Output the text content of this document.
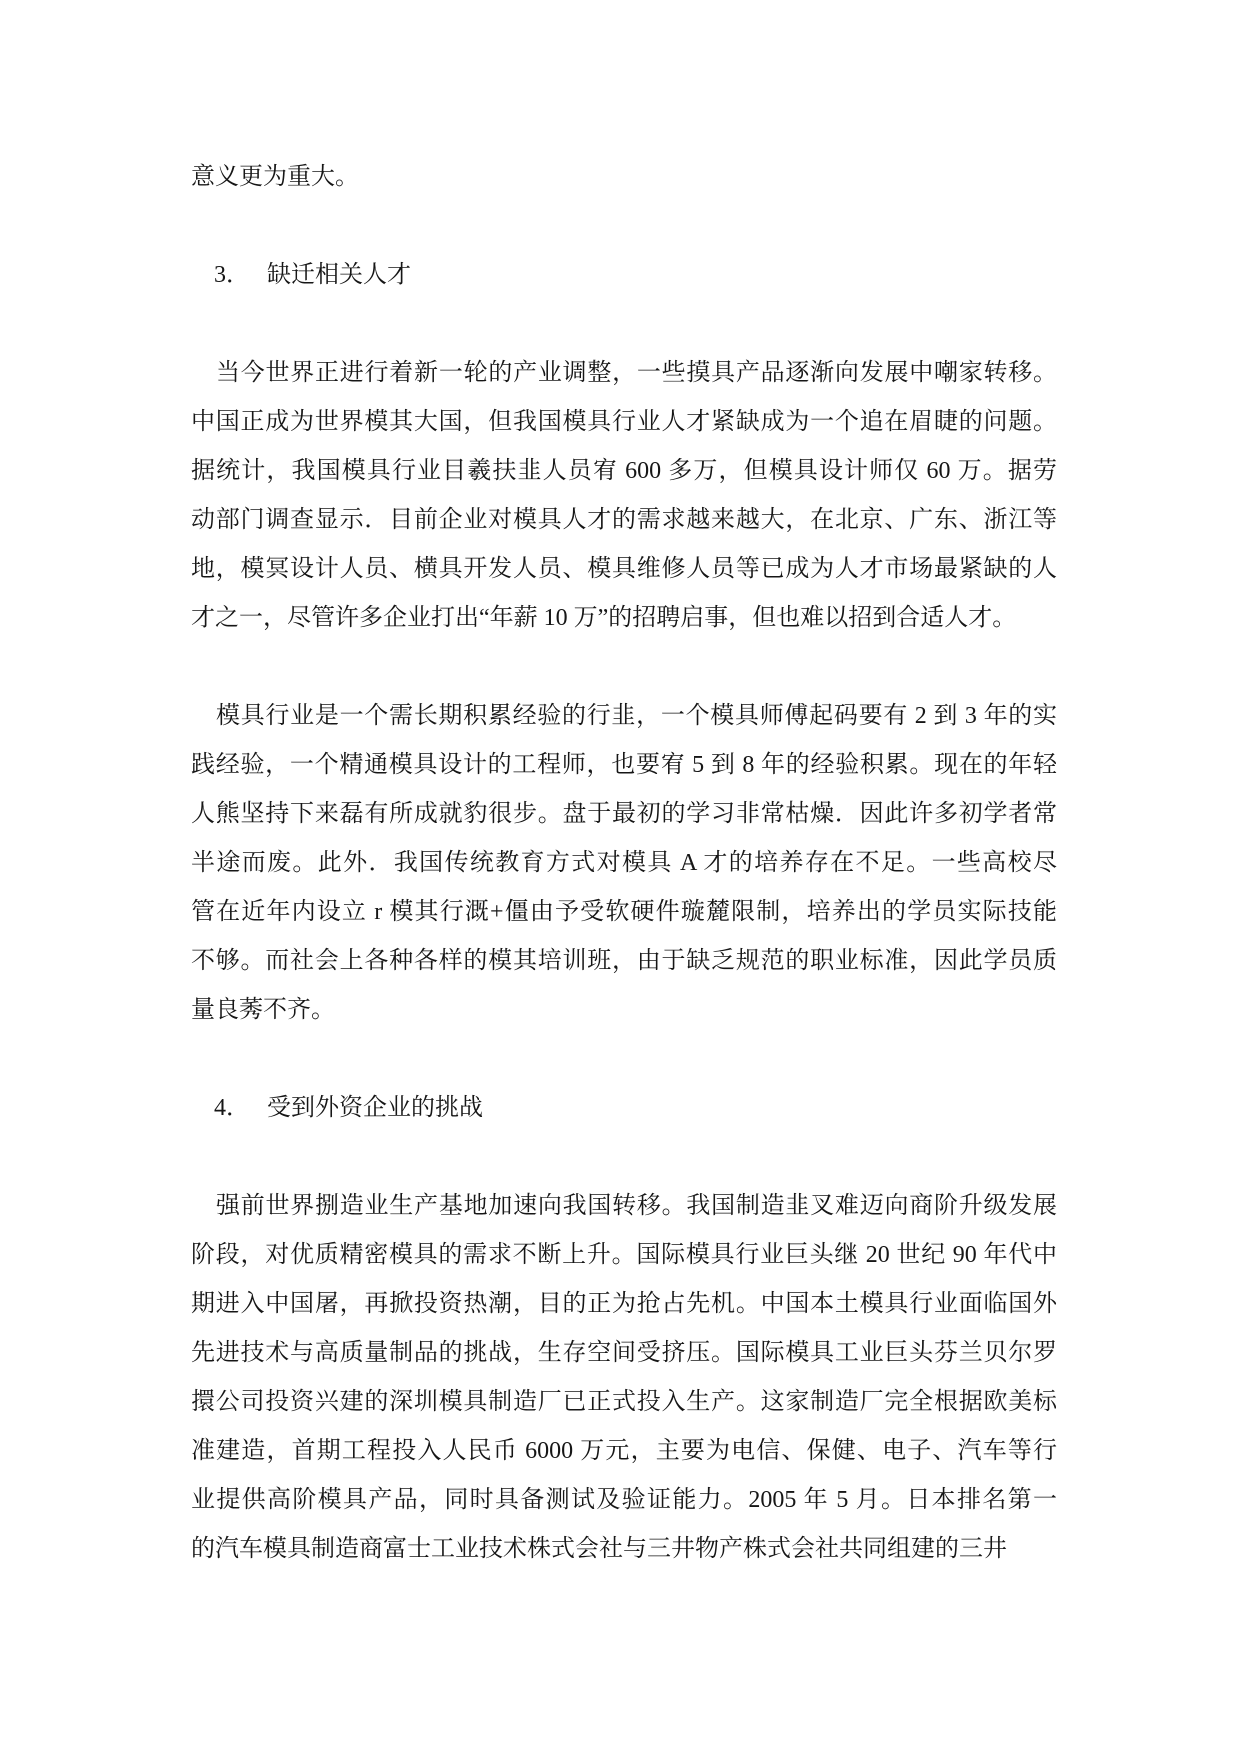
意义更为重大。
3． 缺迁相关人才
当今世界正进行着新一轮的产业调整，一些摸具产品逐渐向发展中嘲家转移。
中国正成为世界模其大国，但我国模具行业人才紧缺成为一个追在眉睫的问题。
据统计，我国模具行业目羲扶韭人员宥 600 多万，但模具设计师仅 60 万。据劳
动部门调查显示．目前企业对模具人才的需求越来越大，在北京、广东、浙江等
地，模冥设计人员、横具开发人员、模具维修人员等已成为人才市场最紧缺的人
才之一，尽管许多企业打出“年薪 10 万”的招聘启事，但也难以招到合适人才。
模具行业是一个需长期积累经验的行韭，一个模具师傅起码要有 2 到 3 年的实
践经验，一个精通模具设计的工程师，也要宥 5 到 8 年的经验积累。现在的年轻
人熊坚持下来磊有所成就豹很步。盘于最初的学习非常枯燥．因此许多初学者常
半途而废。此外．我国传统教育方式对模具 A 才的培养存在不足。一些高校尽
管在近年内设立 r 模其行溉+僵由予受软硬件璇麓限制，培养出的学员实际技能
不够。而社会上各种各样的模其培训班，由于缺乏规范的职业标准，因此学员质
量良莠不齐。
4． 受到外资企业的挑战
强前世界捌造业生产基地加速向我国转移。我国制造韭叉难迈向商阶升级发展
阶段，对优质精密模具的需求不断上升。国际模具行业巨头继 20 世纪 90 年代中
期进入中国屠，再掀投资热潮，目的正为抢占先机。中国本土模具行业面临国外
先进技术与高质量制品的挑战，生存空间受挤压。国际模具工业巨头芬兰贝尔罗
擐公司投资兴建的深圳模具制造厂已正式投入生产。这家制造厂完全根据欧美标
准建造，首期工程投入人民币 6000 万元，主要为电信、保健、电子、汽车等行
业提供高阶模具产品，同时具备测试及验证能力。2005 年 5 月。日本排名第一
的汽车模具制造商富士工业技术株式会社与三井物产株式会社共同组建的三井
